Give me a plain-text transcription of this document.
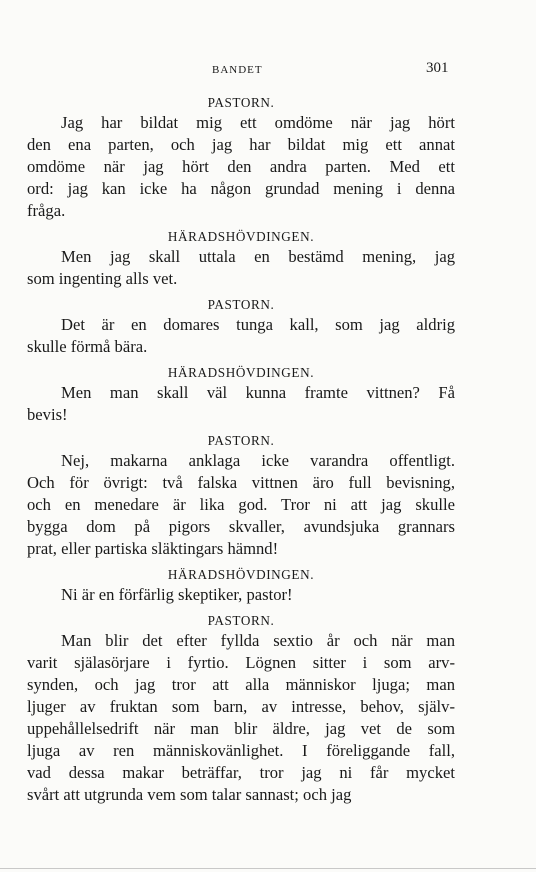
BANDET	301
PASTORN.
Jag har bildat mig ett omdöme när jag hört
den ena parten, och jag har bildat mig ett annat
omdöme när jag hört den andra parten. Med ett
ord: jag kan icke ha någon grundad mening i denna
fråga.
HÄRADSHÖVDINGEN.
Men jag skall uttala en bestämd mening, jag
som ingenting alls vet.
PASTORN.
Det är en domares tunga kall, som jag aldrig
skulle förmå bära.
HÄRADSHÖVDINGEN.
Men man skall väl kunna framte vittnen? Få
bevis!
PASTORN.
Nej, makarna anklaga icke varandra offentligt.
Och för övrigt: två falska vittnen äro full bevisning,
och en menedare är lika god. Tror ni att jag skulle
bygga dom på pigors skvaller, avundsjuka grannars
prat, eller partiska släktingars hämnd!
HÄRADSHÖVDINGEN.
Ni är en förfärlig skeptiker, pastor!
PASTORN.
Man blir det efter fyllda sextio år och när man
varit själasörjare i fyrtio. Lögnen sitter i som arv-
synden, och jag tror att alla människor ljuga; man
ljuger av fruktan som barn, av intresse, behov, själv-
uppehållelsedrift när man blir äldre, jag vet de som
ljuga av ren människovänlighet. I föreliggande fall,
vad dessa makar beträffar, tror jag ni får mycket
svårt att utgrunda vem som talar sannast; och jag
